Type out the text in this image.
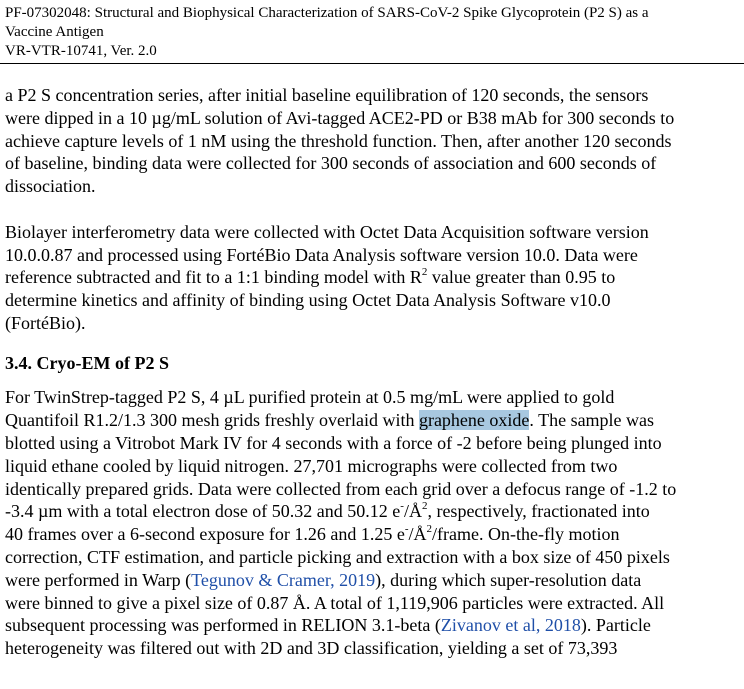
PF-07302048: Structural and Biophysical Characterization of SARS-CoV-2 Spike Glycoprotein (P2 S) as a
Vaccine Antigen
VR-VTR-10741, Ver. 2.0
a P2 S concentration series, after initial baseline equilibration of 120 seconds, the sensors
were dipped in a 10 µg/mL solution of Avi-tagged ACE2-PD or B38 mAb for 300 seconds to
achieve capture levels of 1 nM using the threshold function. Then, after another 120 seconds
of baseline, binding data were collected for 300 seconds of association and 600 seconds of
dissociation.
Biolayer interferometry data were collected with Octet Data Acquisition software version
10.0.0.87 and processed using FortéBio Data Analysis software version 10.0. Data were
reference subtracted and fit to a 1:1 binding model with $R^2$ value greater than 0.95 to
determine kinetics and affinity of binding using Octet Data Analysis Software v10.0
(FortéBio).
3.4. Cryo-EM of P2 S
For TwinStrep-tagged P2 S, 4 µL purified protein at 0.5 mg/mL were applied to gold
Quantifoil R1.2/1.3 300 mesh grids freshly overlaid with graphene oxide. The sample was
blotted using a Vitrobot Mark IV for 4 seconds with a force of -2 before being plunged into
liquid ethane cooled by liquid nitrogen. 27,701 micrographs were collected from two
identically prepared grids. Data were collected from each grid over a defocus range of -1.2 to
-3.4 µm with a total electron dose of 50.32 and 50.12 $e^-/Å^2$, respectively, fractionated into
40 frames over a 6-second exposure for 1.26 and 1.25 $e^-/Å^2$/frame. On-the-fly motion
correction, CTF estimation, and particle picking and extraction with a box size of 450 pixels
were performed in Warp (Tegunov & Cramer, 2019), during which super-resolution data
were binned to give a pixel size of 0.87 Å. A total of 1,119,906 particles were extracted. All
subsequent processing was performed in RELION 3.1-beta (Zivanov et al, 2018). Particle
heterogeneity was filtered out with 2D and 3D classification, yielding a set of 73,393
